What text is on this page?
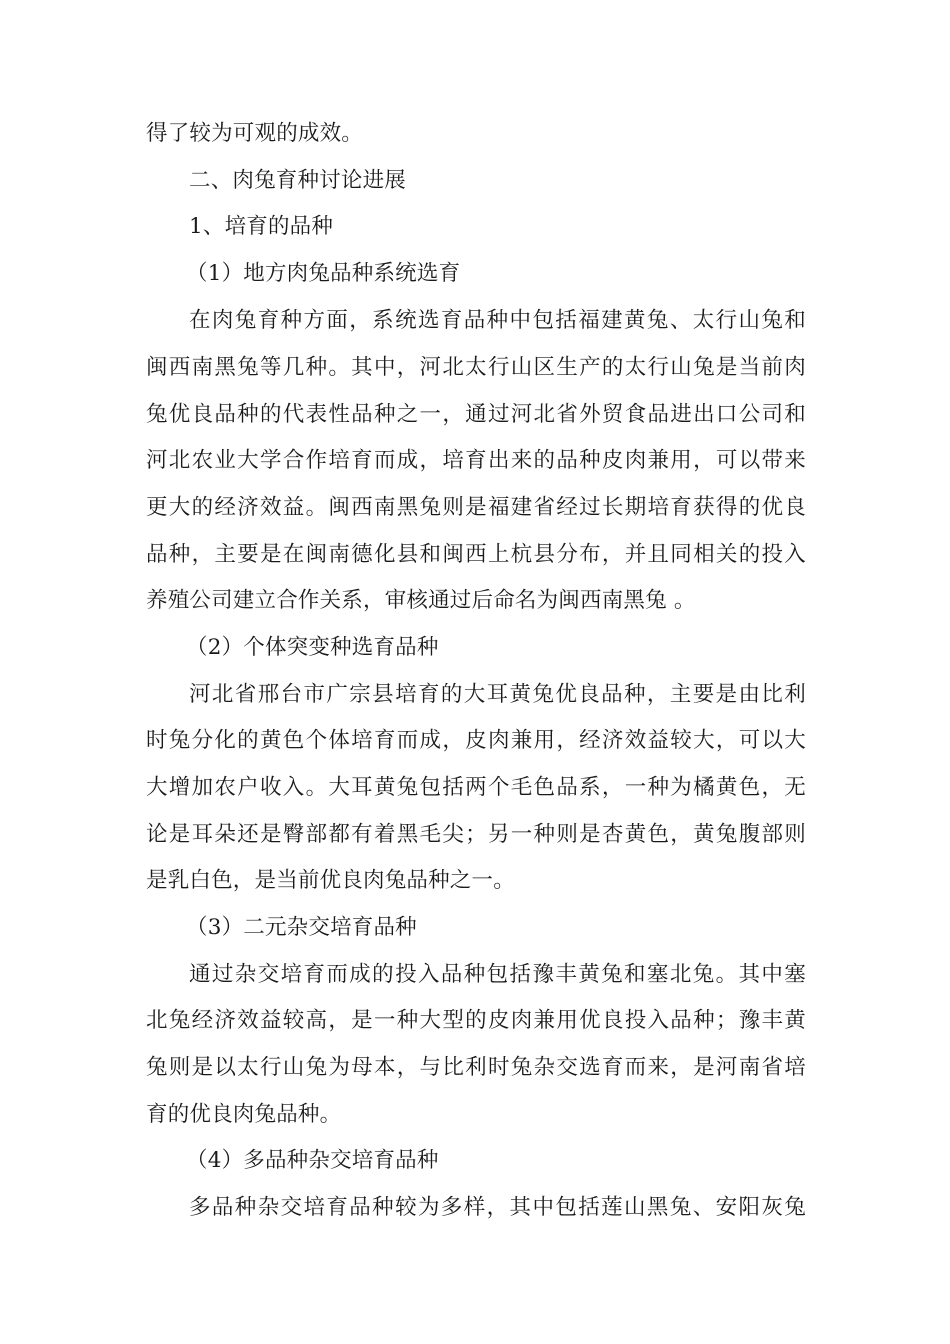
得了较为可观的成效。
二、肉兔育种讨论进展
1、培育的品种
（1）地方肉兔品种系统选育
在肉兔育种方面，系统选育品种中包括福建黄兔、太行山兔和
闽西南黑兔等几种。其中，河北太行山区生产的太行山兔是当前肉
兔优良品种的代表性品种之一，通过河北省外贸食品进出口公司和
河北农业大学合作培育而成，培育出来的品种皮肉兼用，可以带来
更大的经济效益。闽西南黑兔则是福建省经过长期培育获得的优良
品种，主要是在闽南德化县和闽西上杭县分布，并且同相关的投入
养殖公司建立合作关系，审核通过后命名为闽西南黑兔 。
（2）个体突变种选育品种
河北省邢台市广宗县培育的大耳黄兔优良品种，主要是由比利
时兔分化的黄色个体培育而成，皮肉兼用，经济效益较大，可以大
大增加农户收入。大耳黄兔包括两个毛色品系，一种为橘黄色，无
论是耳朵还是臀部都有着黑毛尖；另一种则是杏黄色，黄兔腹部则
是乳白色，是当前优良肉兔品种之一。
（3）二元杂交培育品种
通过杂交培育而成的投入品种包括豫丰黄兔和塞北兔。其中塞
北兔经济效益较高，是一种大型的皮肉兼用优良投入品种；豫丰黄
兔则是以太行山兔为母本，与比利时兔杂交选育而来，是河南省培
育的优良肉兔品种。
（4）多品种杂交培育品种
多品种杂交培育品种较为多样，其中包括莲山黑兔、安阳灰兔
